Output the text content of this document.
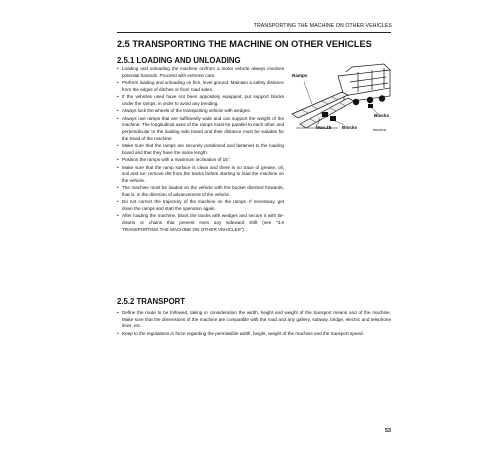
TRANSPORTING THE MACHINE ON OTHER VEHICLES
2.5 TRANSPORTING THE MACHINE ON OTHER VEHICLES
2.5.1 LOADING AND UNLOADING
• Loading and unloading the machine on/from a motor vehicle always involves potential hazards. Proceed with extreme care.
• Perform loading and unloading on firm, level ground. Maintain a safety distance from the edges of ditches or from road sides.
• If the vehicles used have not been appositely equipped, put support blocks under the ramps, in order to avoid any bending.
• Always lock the wheels of the transporting vehicle with wedges.
• Always use ramps that are sufficiently wide and can support the weight of the machine. The longitudinal axes of the ramps must be parallel to each other and perpendicular to the loading side board and their distance must be suitable for the tread of the machine.
• Make sure that the ramps are securely positioned and fastened to the loading board and that they have the same length.
• Position the ramps with a maximum inclination of 15°.
• Make sure that the ramp surface is clean and there is no trace of grease, oil, soil and ice; remove dirt from the tracks before starting to load the machine on the vehicle.
• The machine must be loaded on the vehicle with the bucket directed forwards, that is, in the direction of advancement of the vehicle.
• Do not correct the trajectory of the machine on the ramps. If necessary, get down the ramps and start the operation again.
• After loading the machine, block the tracks with wedges and secure it with tie-downs or chains that prevent even any sideward shift (see "3.9 TRANSPORTING THE MACHINE ON OTHER VEHICLES").
Ramps
Blocks
Max.15 Blocks	B5N00045
2.5.2 TRANSPORT
• Define the route to be followed, taking in consideration the width, height and weight of the transport means and of the machine. Make sure that the dimensions of the machine are compatible with the road and any gallery, subway, bridge, electric and telephone lines, etc.
• Keep to the regulations in force regarding the permissible width, height, weight of the machine and the transport speed.
53
